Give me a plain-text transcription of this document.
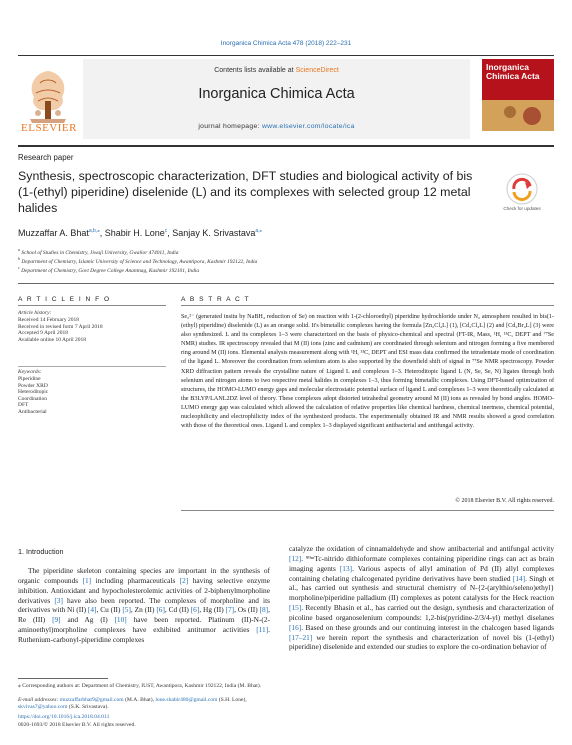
Inorganica Chimica Acta 478 (2018) 222–231
ELSEVIER
Contents lists available at ScienceDirect
Inorganica Chimica Acta
journal homepage: www.elsevier.com/locate/ica
Inorganica Chimica Acta
Research paper
Synthesis, spectroscopic characterization, DFT studies and biological activity of bis (1-(ethyl) piperidine) diselenide (L) and its complexes with selected group 12 metal halides	Check for updates
Muzzaffar A. Bhat$^{a,b,⁎}$, Shabir H. Lone$^c$, Sanjay K. Srivastava$^{a,⁎}$
$^a$ School of Studies in Chemistry, Jiwaji University, Gwalior 474011, India
$^b$ Department of Chemistry, Islamic University of Science and Technology, Awantipora, Kashmir 192122, India
$^c$ Department of Chemistry, Govt Degree College Anantnag, Kashmir 192101, India
A R T I C L E I N F O
Article history:
Received 14 February 2018
Received in revised form 7 April 2018
Accepted 9 April 2018
Available online 10 April 2018
Keywords:
Piperidine
Powder XRD
Heteroditopic
Coordination
DFT
Antibacterial
A B S T R A C T
Se₂²⁻ (generated insitu by NaBH₄ reduction of Se) on reaction with 1-(2-chloroethyl) piperidine hydrochloride under N₂ atmosphere resulted in bis(1-(ethyl) piperidine) diselenide (L) as an orange solid. It's bimetallic complexes having the formula [Zn₂Cl₄L] (1), [Cd₂Cl₄L] (2) and [Cd₂Br₄L] (3) were also synthesized. L and its complexes 1–3 were characterized on the basis of physico-chemical and spectral (FT-IR, Mass, ¹H, ¹³C, DEPT and ⁷⁷Se NMR) studies. IR spectroscopy revealed that M (II) ions (zinc and cadmium) are coordinated through selenium and nitrogen forming a five membered ring around M (II) ions. Elemental analysis measurement along with ¹H, ¹³C, DEPT and ESI mass data confirmed the tetradentate mode of coordination of the ligand L. Moreover the coordination from selenium atom is also supported by the downfield shift of signal in ⁷⁷Se NMR spectroscopy. Powder XRD diffraction pattern reveals the crystalline nature of Ligand L and complexes 1–3. Heteroditopic ligand L (N, Se, Se, N) ligates through both selenium and nitrogen atoms to two respective metal halides in complexes 1–3, thus forming bimetallic complexes. Using DFT-based optimization of structures, the HOMO-LUMO energy gaps and molecular electrostatic potential surface of ligand L and complexes 1–3 were theoretically calculated at the B3LYP/LANL2DZ level of theory. These complexes adopt distorted tetrahedral geometry around M (II) ions as revealed by bond angles. HOMO-LUMO energy gap was calculated which allowed the calculation of relative properties like chemical hardness, chemical inertness, chemical potential, nucleophilicity and electrophilicity index of the synthesized products. The experimentally obtained IR and NMR results showed a good correlation with those of the theoretical ones. Ligand L and complex 1–3 displayed significant antibacterial and antifungal activity.
© 2018 Elsevier B.V. All rights reserved.
1. Introduction

The piperidine skeleton containing species are important in the synthesis of organic compounds [1] including pharmaceuticals [2] having selective enzyme inhibition. Antioxidant and hypocholesterolemic activities of 2-biphenylmorpholine derivatives [3] have also been reported. The complexes of morpholine and its derivatives with Ni (II) [4], Cu (II) [5], Zn (II) [6], Cd (II) [6], Hg (II) [7], Os (II) [8], Re (III) [9] and Ag (I) [10] have been reported. Platinum (II)-N-(2-aminoethyl)morpholine complexes have exhibited antitumor activities [11]. Ruthenium-carbonyl-piperidine complexes

catalyze the oxidation of cinnamaldehyde and show antibacterial and antifungal activity [12]. ⁹⁹ᵐTc-nitrido dithioformate complexes containing piperidine rings can act as brain imaging agents [13]. Various aspects of allyl amination of Pd (II) allyl complexes containing chelating chalcogenated pyridine derivatives have been studied [14]. Singh et al., has carried out synthesis and structural chemistry of N-{2-(arylthio/seleno)ethyl} morpholine/piperidine palladium (II) complexes as potent catalysts for the Heck reaction [15]. Recently Bhasin et al., has carried out the design, synthesis and characterization of picoline based organoselenium compounds: 1,2-bis(pyridine-2/3/4-yl) methyl diselanes [16]. Based on these grounds and our continuing interest in the chalcogen based ligands [17–21] we herein report the synthesis and characterization of novel bis (1-(ethyl) piperidine) diselenide and extended our studies to explore the co-ordination behavior of

⁎ Corresponding authors at: Department of Chemistry, IUST, Awantipora, Kashmir 192122, India (M. Bhat).
E-mail addresses: muzzaffarbhat9@gmail.com (M.A. Bhat), lone.shabir480@gmail.com (S.H. Lone), skvivas7@yahoo.com (S.K. Srivastava).
https://doi.org/10.1016/j.ica.2018.04.011
0020-1693/© 2018 Elsevier B.V. All rights reserved.
